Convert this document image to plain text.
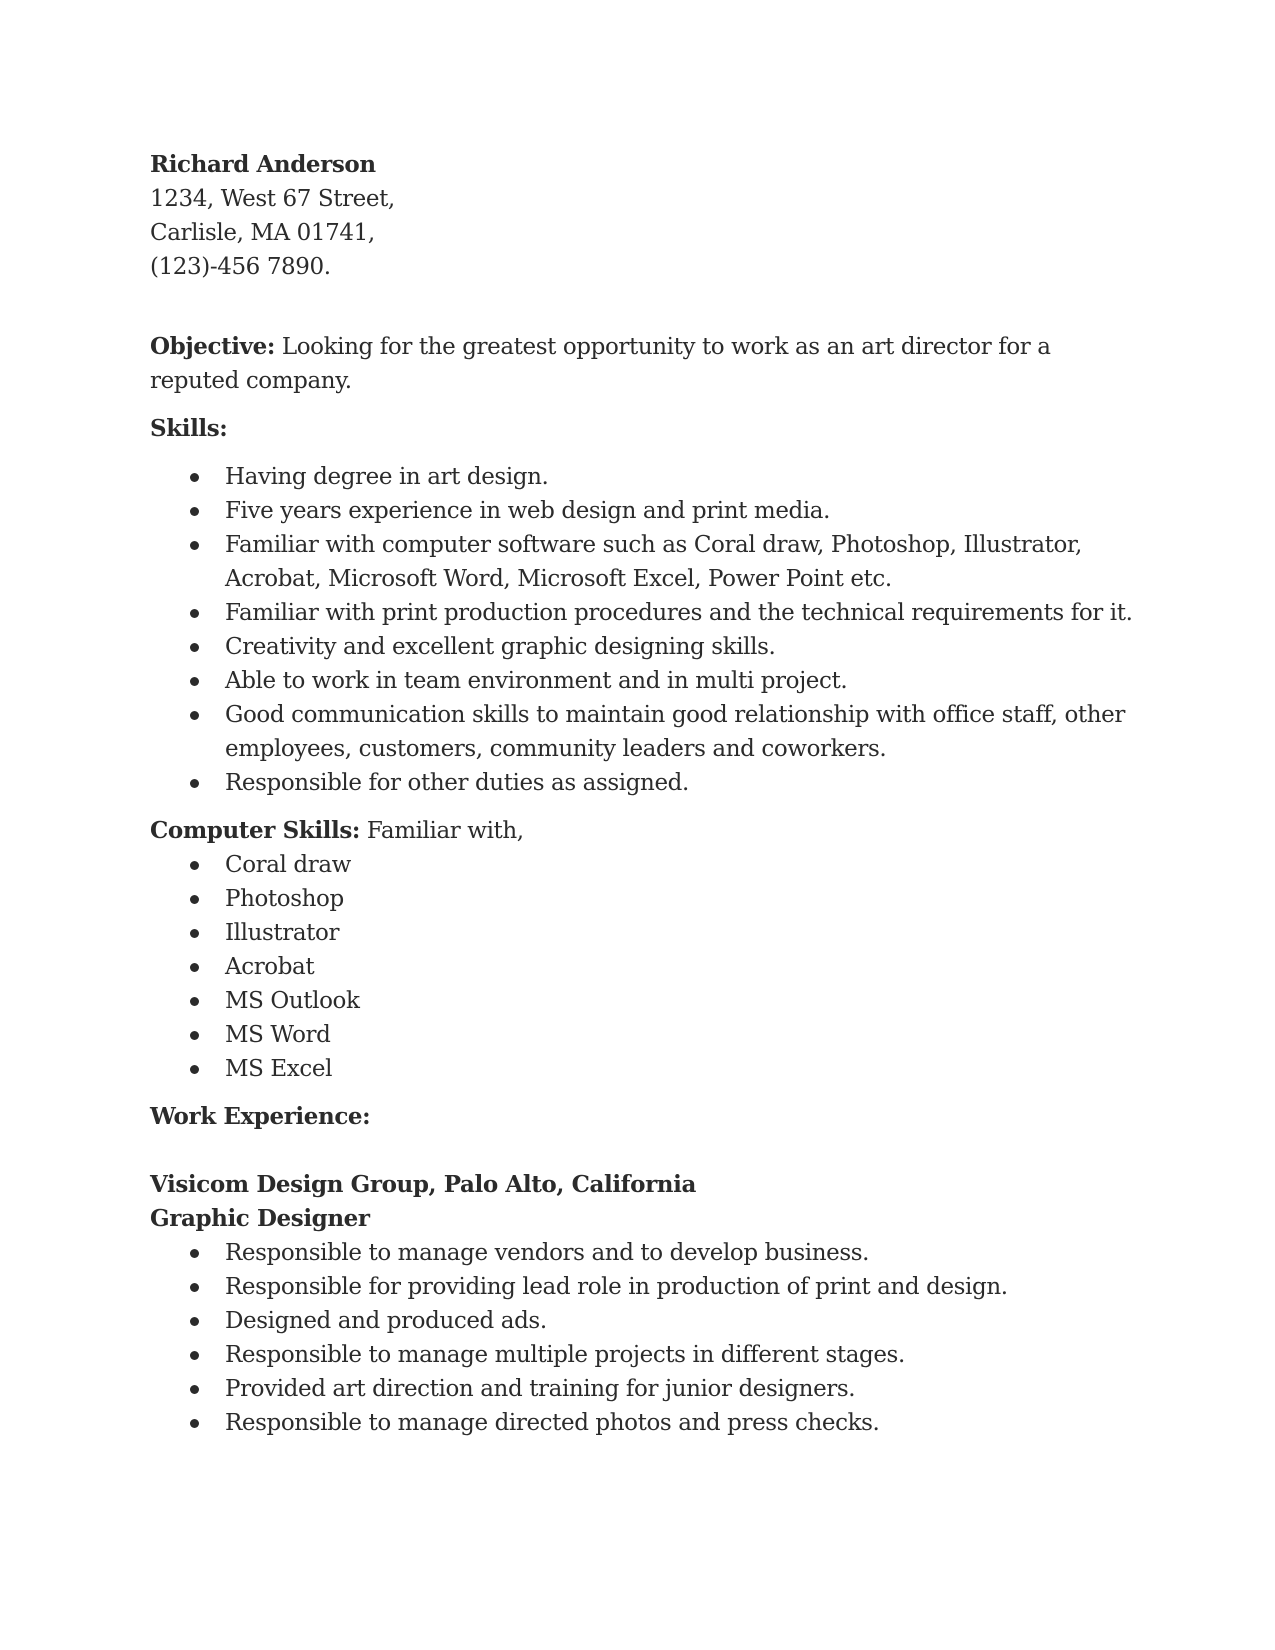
Richard Anderson
1234, West 67 Street,
Carlisle, MA 01741,
(123)-456 7890.
Objective: Looking for the greatest opportunity to work as an art director for a reputed company.
Skills:
Having degree in art design.
Five years experience in web design and print media.
Familiar with computer software such as Coral draw, Photoshop, Illustrator, Acrobat, Microsoft Word, Microsoft Excel, Power Point etc.
Familiar with print production procedures and the technical requirements for it.
Creativity and excellent graphic designing skills.
Able to work in team environment and in multi project.
Good communication skills to maintain good relationship with office staff, other employees, customers, community leaders and coworkers.
Responsible for other duties as assigned.
Computer Skills: Familiar with,
Coral draw
Photoshop
Illustrator
Acrobat
MS Outlook
MS Word
MS Excel
Work Experience:
Visicom Design Group, Palo Alto, California
Graphic Designer
Responsible to manage vendors and to develop business.
Responsible for providing lead role in production of print and design.
Designed and produced ads.
Responsible to manage multiple projects in different stages.
Provided art direction and training for junior designers.
Responsible to manage directed photos and press checks.
